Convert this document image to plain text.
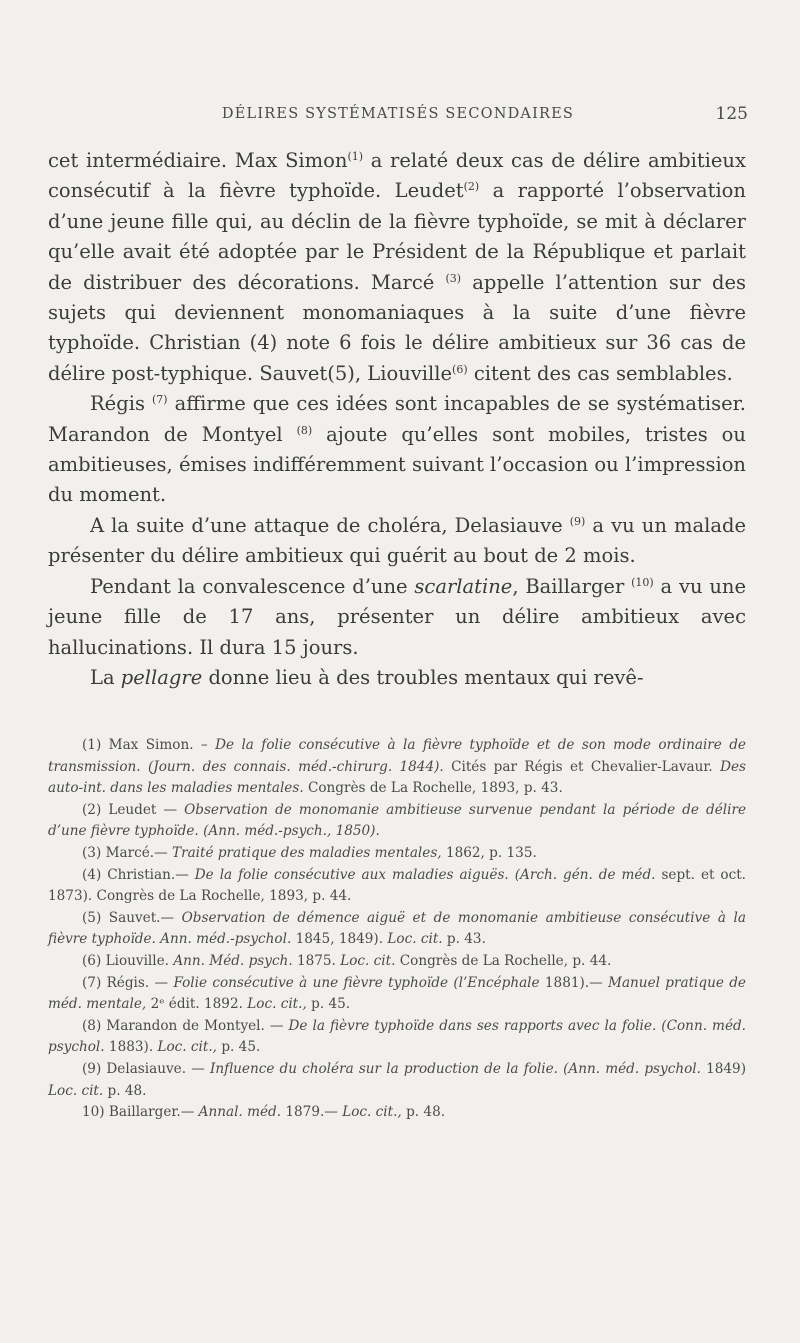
DÉLIRES SYSTÉMATISÉS SECONDAIRES	125

cet intermédiaire. Max Simon$^{(1)}$ a relaté deux cas de délire ambitieux consécutif à la fièvre typhoïde. Leudet$^{(2)}$ a rapporté l’observation d’une jeune fille qui, au déclin de la fièvre typhoïde, se mit à déclarer qu’elle avait été adoptée par le Président de la République et parlait de distribuer des décorations. Marcé $^{(3)}$ appelle l’attention sur des sujets qui deviennent monomaniaques à la suite d’une fièvre typhoïde. Christian (4) note 6 fois le délire ambitieux sur 36 cas de délire post-typhique. Sauvet(5), Liouville$^{(6)}$ citent des cas semblables.

Régis $^{(7)}$ affirme que ces idées sont incapables de se systématiser. Marandon de Montyel $^{(8)}$ ajoute qu’elles sont mobiles, tristes ou ambitieuses, émises indifféremment suivant l’occasion ou l’impression du moment.

A la suite d’une attaque de choléra, Delasiauve $^{(9)}$ a vu un malade présenter du délire ambitieux qui guérit au bout de 2 mois.

Pendant la convalescence d’une scarlatine, Baillarger $^{(10)}$ a vu une jeune fille de 17 ans, présenter un délire ambitieux avec hallucinations. Il dura 15 jours.

La pellagre donne lieu à des troubles mentaux qui revê-

(1) Max Simon. – De la folie consécutive à la fièvre typhoïde et de son mode ordinaire de transmission. (Journ. des connais. méd.-chirurg. 1844). Cités par Régis et Chevalier-Lavaur. Des auto-int. dans les maladies mentales. Congrès de La Rochelle, 1893, p. 43.

(2) Leudet — Observation de monomanie ambitieuse survenue pendant la période de délire d’une fièvre typhoïde. (Ann. méd.-psych., 1850).

(3) Marcé.— Traité pratique des maladies mentales, 1862, p. 135.

(4) Christian.— De la folie consécutive aux maladies aiguës. (Arch. gén. de méd. sept. et oct. 1873). Congrès de La Rochelle, 1893, p. 44.

(5) Sauvet.— Observation de démence aiguë et de monomanie ambitieuse consécutive à la fièvre typhoïde. Ann. méd.-psychol. 1845, 1849). Loc. cit. p. 43.

(6) Liouville. Ann. Méd. psych. 1875. Loc. cit. Congrès de La Rochelle, p. 44.

(7) Régis. — Folie consécutive à une fièvre typhoïde (l’Encéphale 1881).— Manuel pratique de méd. mentale, 2ᵉ édit. 1892. Loc. cit., p. 45.

(8) Marandon de Montyel. — De la fièvre typhoïde dans ses rapports avec la folie. (Conn. méd. psychol. 1883). Loc. cit., p. 45.

(9) Delasiauve. — Influence du choléra sur la production de la folie. (Ann. méd. psychol. 1849) Loc. cit. p. 48.

10) Baillarger.— Annal. méd. 1879.— Loc. cit., p. 48.
